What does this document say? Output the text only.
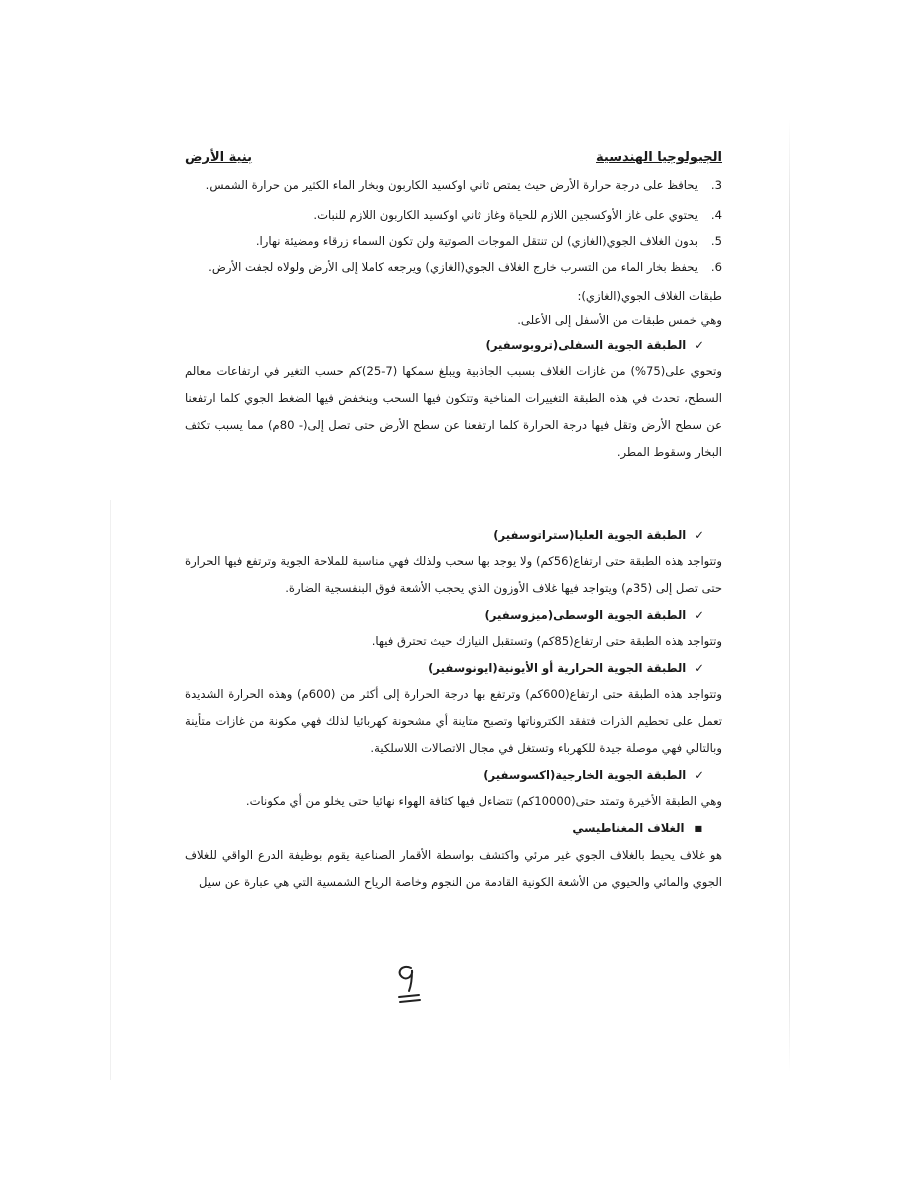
الجيولوجيا الهندسية
بنية الأرض
3.
يحافظ على درجة حرارة الأرض حيث يمتص ثاني اوكسيد الكاربون وبخار الماء الكثير من حرارة الشمس.
4.
يحتوي على غاز الأوكسجين اللازم للحياة وغاز ثاني اوكسيد الكاربون اللازم للنبات.
5.
بدون الغلاف الجوي(الغازي) لن تنتقل الموجات الصوتية ولن تكون السماء زرقاء ومضيئة نهارا.
6.
يحفظ بخار الماء من التسرب خارج الغلاف الجوي(الغازي) ويرجعه كاملا إلى الأرض ولولاه لجفت الأرض.

طبقات الغلاف الجوي(الغازي):

وهي خمس طبقات من الأسفل إلى الأعلى.

✓الطبقة الجوية السفلى(تروبوسفير)

وتحوي على(75%) من غازات الغلاف بسبب الجاذبية ويبلغ سمكها (7-25)كم حسب التغير في ارتفاعات معالم السطح، تحدث في هذه الطبقة التغييرات المناخية وتتكون فيها السحب وينخفض فيها الضغط الجوي كلما ارتفعنا عن سطح الأرض وتقل فيها درجة الحرارة كلما ارتفعنا عن سطح الأرض حتى تصل إلى(- 80م) مما يسبب تكثف البخار وسقوط المطر.

✓الطبقة الجوية العليا(ستراتوسفير)

وتتواجد هذه الطبقة حتى ارتفاع(56كم) ولا يوجد بها سحب ولذلك فهي مناسبة للملاحة الجوية وترتفع فيها الحرارة حتى تصل إلى (35م) ويتواجد فيها غلاف الأوزون الذي يحجب الأشعة فوق البنفسجية الضارة.

✓الطبقة الجوية الوسطى(ميزوسفير)

وتتواجد هذه الطبقة حتى ارتفاع(85كم) وتستقبل النيازك حيث تحترق فيها.

✓الطبقة الجوية الحرارية أو الأيونية(ايونوسفير)

وتتواجد هذه الطبقة حتى ارتفاع(600كم) وترتفع بها درجة الحرارة إلى أكثر من (600م) وهذه الحرارة الشديدة تعمل على تحطيم الذرات فتفقد الكتروناتها وتصبح متاينة أي مشحونة كهربائيا لذلك فهي مكونة من غازات متأينة وبالتالي فهي موصلة جيدة للكهرباء وتستغل في مجال الاتصالات اللاسلكية.

✓الطبقة الجوية الخارجية(اكسوسفير)

وهي الطبقة الأخيرة وتمتد حتى(10000كم) تتضاءل فيها كثافة الهواء نهائيا حتى يخلو من أي مكونات.

■الغلاف المغناطيسي

هو غلاف يحيط بالغلاف الجوي غير مرئي واكتشف بواسطة الأقمار الصناعية يقوم بوظيفة الدرع الواقي للغلاف الجوي والمائي والحيوي من الأشعة الكونية القادمة من النجوم وخاصة الرياح الشمسية التي هي عبارة عن سيل
